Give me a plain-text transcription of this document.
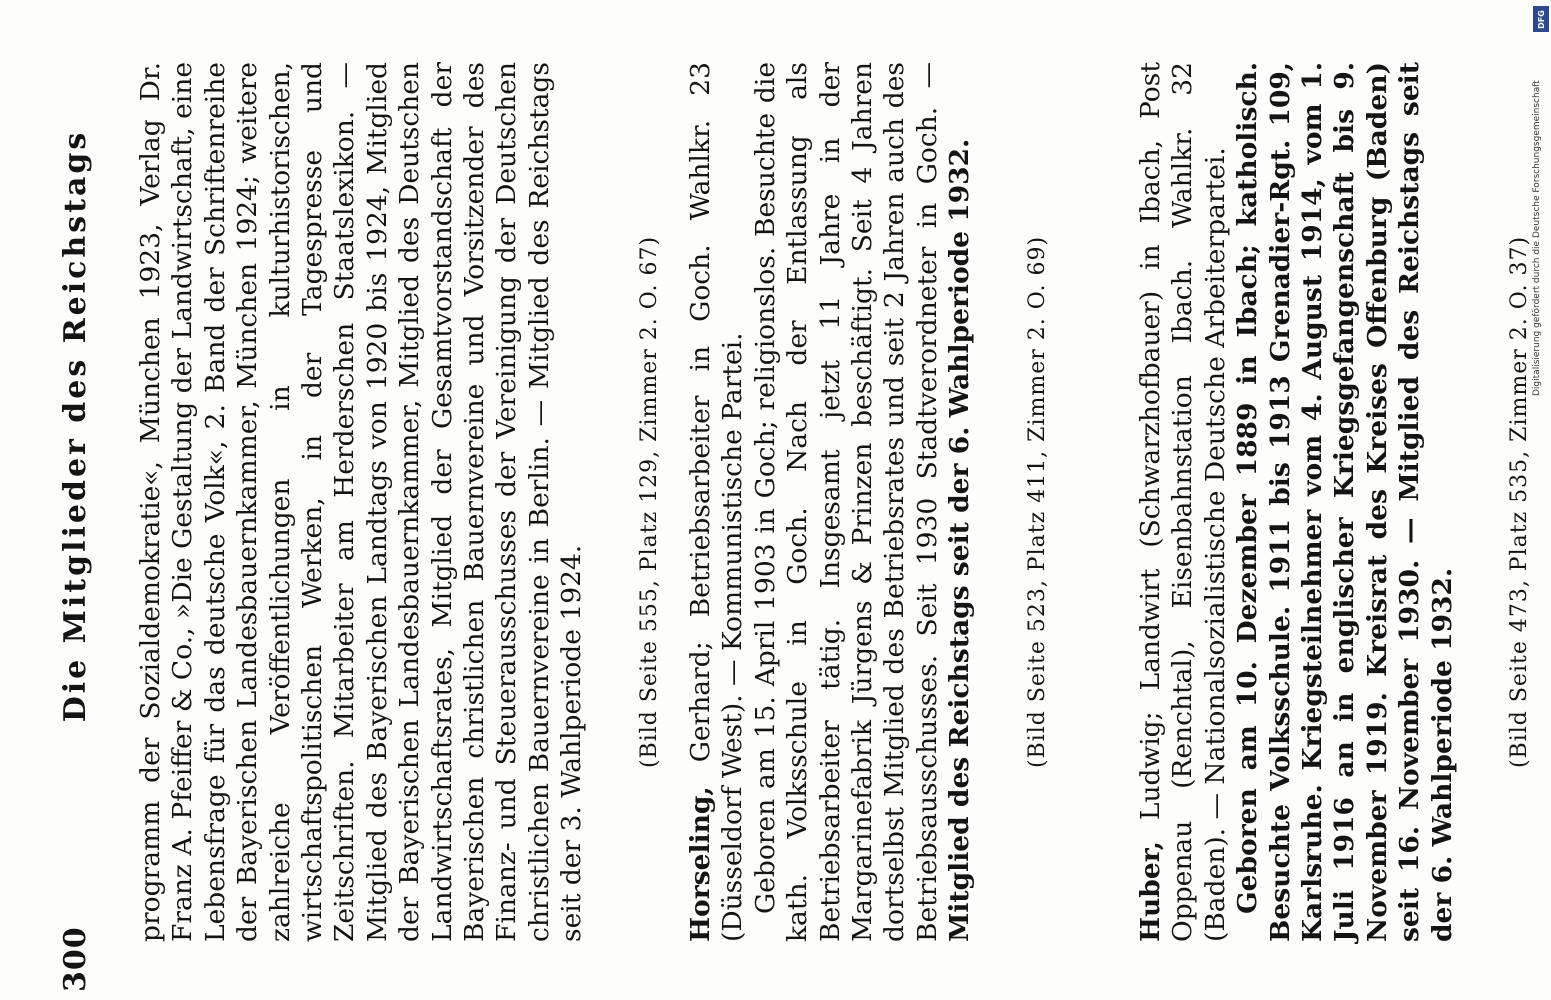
300
Die Mitglieder des Reichstags programm der Sozialdemokratie«, München 1923, Verlag Dr. Franz A. Pfeiffer & Co., »Die Gestaltung der Landwirtschaft, eine Lebensfrage für das deutsche Volk«, 2. Band der Schriftenreihe der Bayerischen Landesbauernkammer, München 1924; weitere zahlreiche Veröffentlichungen in kulturhistorischen, wirtschaftspolitischen Werken, in der Tagespresse und Zeitschriften. Mitarbeiter am Herderschen Staatslexikon. — Mitglied des Bayerischen Landtags von 1920 bis 1924, Mitglied der Bayerischen Landesbauernkammer, Mitglied des Deutschen Landwirtschaftsrates, Mitglied der Gesamtvorstandschaft der Bayerischen christlichen Bauernvereine und Vorsitzender des Finanz- und Steuerausschusses der Vereinigung der Deutschen christlichen Bauernvereine in Berlin. — Mitglied des Reichstags seit der 3. Wahlperiode 1924. (Bild Seite 555, Platz 129, Zimmer 2. O. 67)

Horseling, Gerhard; Betriebsarbeiter in Goch. Wahlkr. 23 (Düsseldorf West). — Kommunistische Partei. Geboren am 15. April 1903 in Goch; religionslos. Besuchte die kath. Volksschule in Goch. Nach der Entlassung als Betriebsarbeiter tätig. Insgesamt jetzt 11 Jahre in der Margarinefabrik Jürgens & Prinzen beschäftigt. Seit 4 Jahren dortselbst Mitglied des Betriebsrates und seit 2 Jahren auch des Betriebsausschusses. Seit 1930 Stadtverordneter in Goch. — Mitglied des Reichstags seit der 6. Wahlperiode 1932. (Bild Seite 523, Platz 411, Zimmer 2. O. 69)

Huber, Ludwig; Landwirt (Schwarzhofbauer) in Ibach, Post Oppenau (Renchtal), Eisenbahnstation Ibach. Wahlkr. 32 (Baden). — Nationalsozialistische Deutsche Arbeiterpartei. Geboren am 10. Dezember 1889 in Ibach; katholisch. Besuchte Volksschule. 1911 bis 1913 Grenadier-Rgt. 109, Karlsruhe. Kriegsteilnehmer vom 4. August 1914, vom 1. Juli 1916 an in englischer Kriegsgefangenschaft bis 9. November 1919. Kreisrat des Kreises Offenburg (Baden) seit 16. November 1930. — Mitglied des Reichstags seit der 6. Wahlperiode 1932. (Bild Seite 473, Platz 535, Zimmer 2. O. 37)

DFG
Digitalisierung gefördert durch die Deutsche Forschungsgemeinschaft
